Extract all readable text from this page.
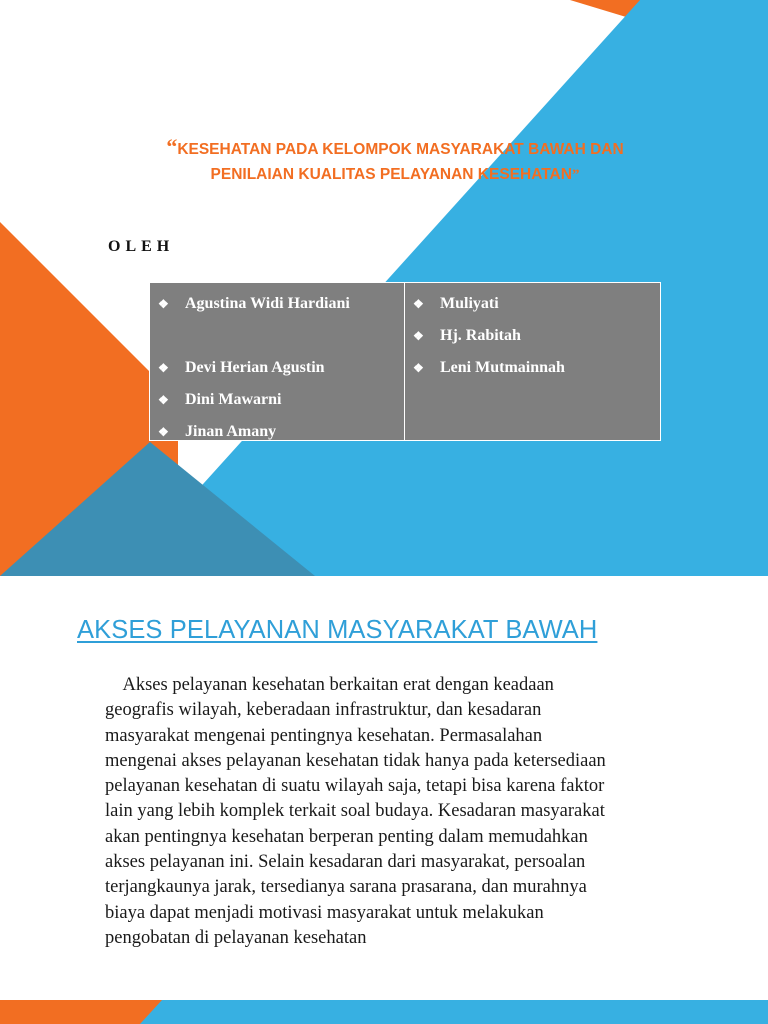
“KESEHATAN PADA KELOMPOK MASYARAKAT BAWAH DAN
PENILAIAN KUALITAS PELAYANAN KESEHATAN”
OLEH
❖ Agustina Widi Hardiani
❖ Devi Herian Agustin
❖ Dini Mawarni
❖ Jinan Amany
❖ Muliyati
❖ Hj. Rabitah
❖ Leni Mutmainnah
AKSES PELAYANAN MASYARAKAT BAWAH
Akses pelayanan kesehatan berkaitan erat dengan keadaan
geografis wilayah, keberadaan infrastruktur, dan kesadaran
masyarakat mengenai pentingnya kesehatan. Permasalahan
mengenai akses pelayanan kesehatan tidak hanya pada ketersediaan
pelayanan kesehatan di suatu wilayah saja, tetapi bisa karena faktor
lain yang lebih komplek terkait soal budaya. Kesadaran masyarakat
akan pentingnya kesehatan berperan penting dalam memudahkan
akses pelayanan ini. Selain kesadaran dari masyarakat, persoalan
terjangkaunya jarak, tersedianya sarana prasarana, dan murahnya
biaya dapat menjadi motivasi masyarakat untuk melakukan
pengobatan di pelayanan kesehatan
